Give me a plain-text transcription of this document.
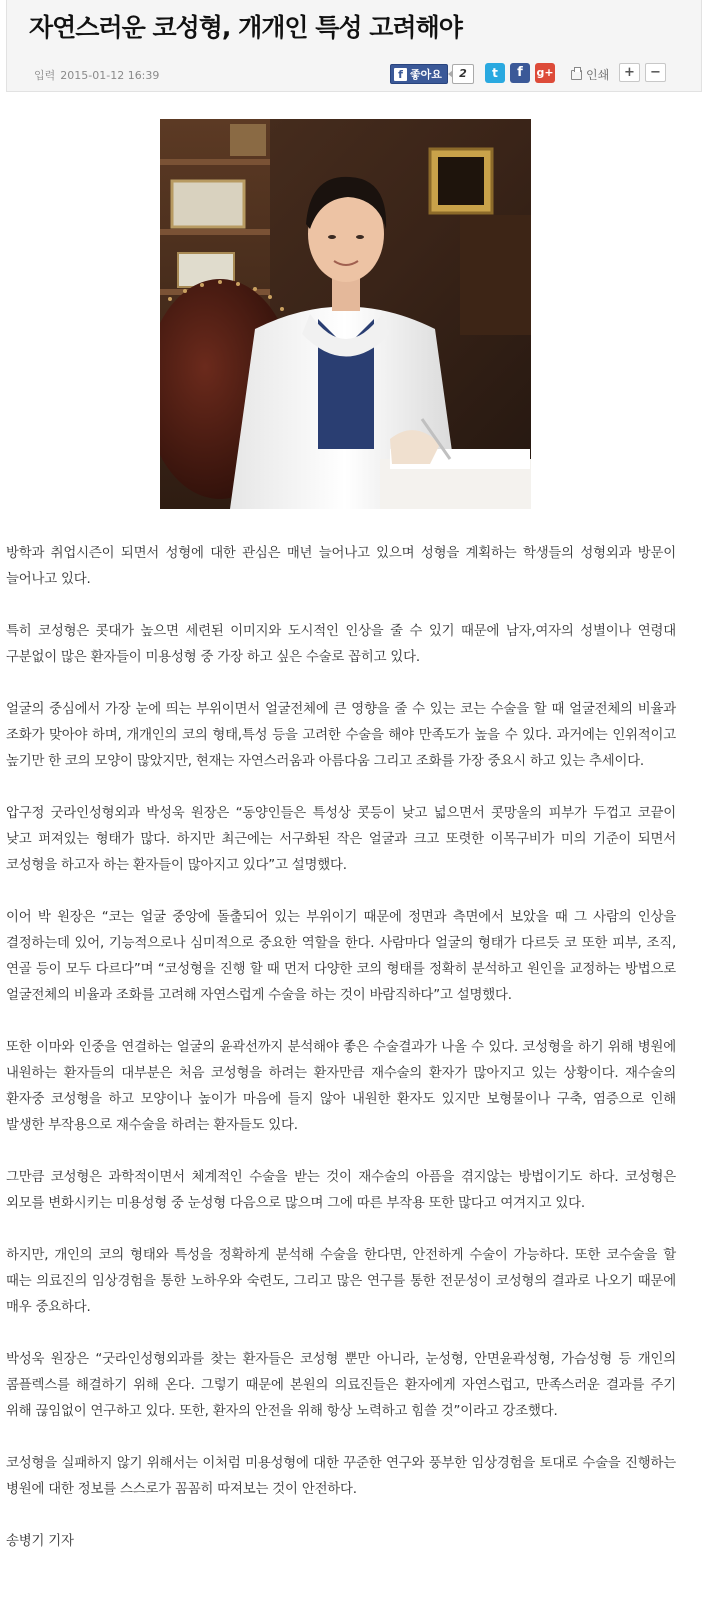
자연스러운 코성형, 개개인 특성 고려해야
입력 2015-01-12 16:39	f 좋아요	2	t	f	g+	인쇄	+	−

방학과 취업시즌이 되면서 성형에 대한 관심은 매년 늘어나고 있으며 성형을 계획하는 학생들의 성형외과 방문이 늘어나고 있다.

특히 코성형은 콧대가 높으면 세련된 이미지와 도시적인 인상을 줄 수 있기 때문에 남자,여자의 성별이나 연령대 구분없이 많은 환자들이 미용성형 중 가장 하고 싶은 수술로 꼽히고 있다.

얼굴의 중심에서 가장 눈에 띄는 부위이면서 얼굴전체에 큰 영향을 줄 수 있는 코는 수술을 할 때 얼굴전체의 비율과 조화가 맞아야 하며, 개개인의 코의 형태,특성 등을 고려한 수술을 해야 만족도가 높을 수 있다. 과거에는 인위적이고 높기만 한 코의 모양이 많았지만, 현재는 자연스러움과 아름다움 그리고 조화를 가장 중요시 하고 있는 추세이다.

압구정 굿라인성형외과 박성욱 원장은 “동양인들은 특성상 콧등이 낮고 넓으면서 콧망울의 피부가 두껍고 코끝이 낮고 퍼져있는 형태가 많다. 하지만 최근에는 서구화된 작은 얼굴과 크고 또렷한 이목구비가 미의 기준이 되면서 코성형을 하고자 하는 환자들이 많아지고 있다”고 설명했다.

이어 박 원장은 “코는 얼굴 중앙에 돌출되어 있는 부위이기 때문에 정면과 측면에서 보았을 때 그 사람의 인상을 결정하는데 있어, 기능적으로나 심미적으로 중요한 역할을 한다. 사람마다 얼굴의 형태가 다르듯 코 또한 피부, 조직, 연골 등이 모두 다르다”며 “코성형을 진행 할 때 먼저 다양한 코의 형태를 정확히 분석하고 원인을 교정하는 방법으로 얼굴전체의 비율과 조화를 고려해 자연스럽게 수술을 하는 것이 바람직하다”고 설명했다.

또한 이마와 인중을 연결하는 얼굴의 윤곽선까지 분석해야 좋은 수술결과가 나올 수 있다. 코성형을 하기 위해 병원에 내원하는 환자들의 대부분은 처음 코성형을 하려는 환자만큼 재수술의 환자가 많아지고 있는 상황이다. 재수술의 환자중 코성형을 하고 모양이나 높이가 마음에 들지 않아 내원한 환자도 있지만 보형물이나 구축, 염증으로 인해 발생한 부작용으로 재수술을 하려는 환자들도 있다.

그만큼 코성형은 과학적이면서 체계적인 수술을 받는 것이 재수술의 아픔을 겪지않는 방법이기도 하다. 코성형은 외모를 변화시키는 미용성형 중 눈성형 다음으로 많으며 그에 따른 부작용 또한 많다고 여겨지고 있다.

하지만, 개인의 코의 형태와 특성을 정확하게 분석해 수술을 한다면, 안전하게 수술이 가능하다. 또한 코수술을 할 때는 의료진의 임상경험을 통한 노하우와 숙련도, 그리고 많은 연구를 통한 전문성이 코성형의 결과로 나오기 때문에 매우 중요하다.

박성욱 원장은 “굿라인성형외과를 찾는 환자들은 코성형 뿐만 아니라, 눈성형, 안면윤곽성형, 가슴성형 등 개인의 콤플렉스를 해결하기 위해 온다. 그렇기 때문에 본원의 의료진들은 환자에게 자연스럽고, 만족스러운 결과를 주기 위해 끊임없이 연구하고 있다. 또한, 환자의 안전을 위해 항상 노력하고 힘쓸 것”이라고 강조했다.

코성형을 실패하지 않기 위해서는 이처럼 미용성형에 대한 꾸준한 연구와 풍부한 임상경험을 토대로 수술을 진행하는 병원에 대한 정보를 스스로가 꼼꼼히 따져보는 것이 안전하다.

송병기 기자
